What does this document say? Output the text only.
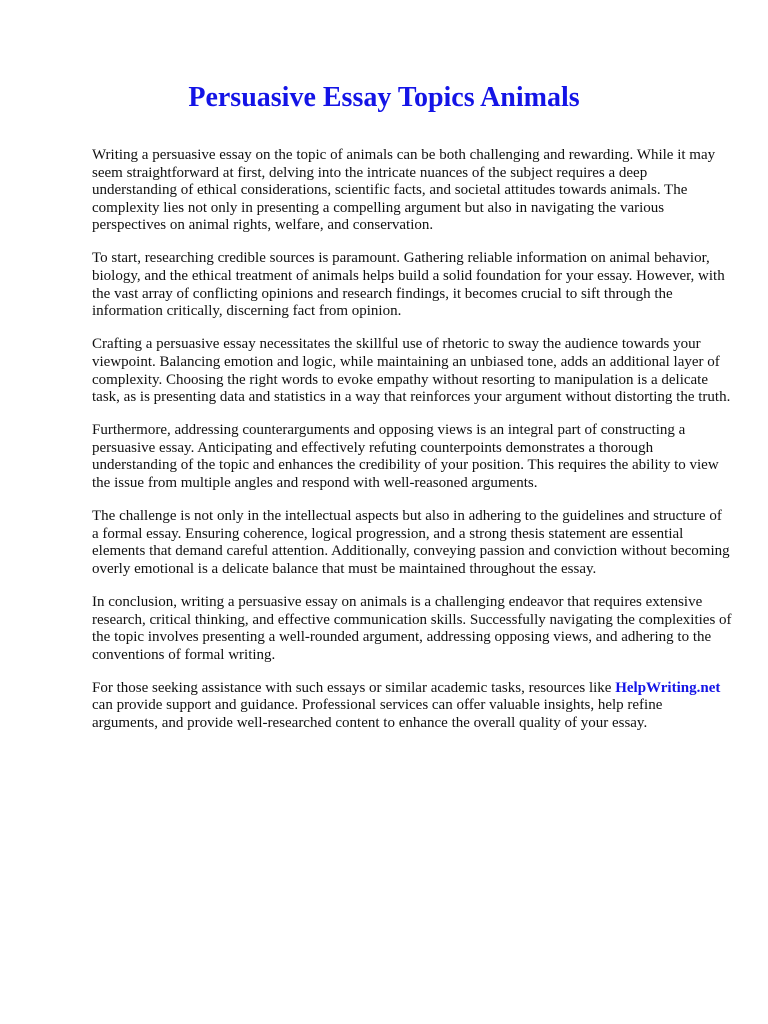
Persuasive Essay Topics Animals

Writing a persuasive essay on the topic of animals can be both challenging and rewarding. While it may seem straightforward at first, delving into the intricate nuances of the subject requires a deep understanding of ethical considerations, scientific facts, and societal attitudes towards animals. The complexity lies not only in presenting a compelling argument but also in navigating the various perspectives on animal rights, welfare, and conservation.

To start, researching credible sources is paramount. Gathering reliable information on animal behavior, biology, and the ethical treatment of animals helps build a solid foundation for your essay. However, with the vast array of conflicting opinions and research findings, it becomes crucial to sift through the information critically, discerning fact from opinion.

Crafting a persuasive essay necessitates the skillful use of rhetoric to sway the audience towards your viewpoint. Balancing emotion and logic, while maintaining an unbiased tone, adds an additional layer of complexity. Choosing the right words to evoke empathy without resorting to manipulation is a delicate task, as is presenting data and statistics in a way that reinforces your argument without distorting the truth.

Furthermore, addressing counterarguments and opposing views is an integral part of constructing a persuasive essay. Anticipating and effectively refuting counterpoints demonstrates a thorough understanding of the topic and enhances the credibility of your position. This requires the ability to view the issue from multiple angles and respond with well-reasoned arguments.

The challenge is not only in the intellectual aspects but also in adhering to the guidelines and structure of a formal essay. Ensuring coherence, logical progression, and a strong thesis statement are essential elements that demand careful attention. Additionally, conveying passion and conviction without becoming overly emotional is a delicate balance that must be maintained throughout the essay.

In conclusion, writing a persuasive essay on animals is a challenging endeavor that requires extensive research, critical thinking, and effective communication skills. Successfully navigating the complexities of the topic involves presenting a well-rounded argument, addressing opposing views, and adhering to the conventions of formal writing.

For those seeking assistance with such essays or similar academic tasks, resources like HelpWriting.net can provide support and guidance. Professional services can offer valuable insights, help refine arguments, and provide well-researched content to enhance the overall quality of your essay.
